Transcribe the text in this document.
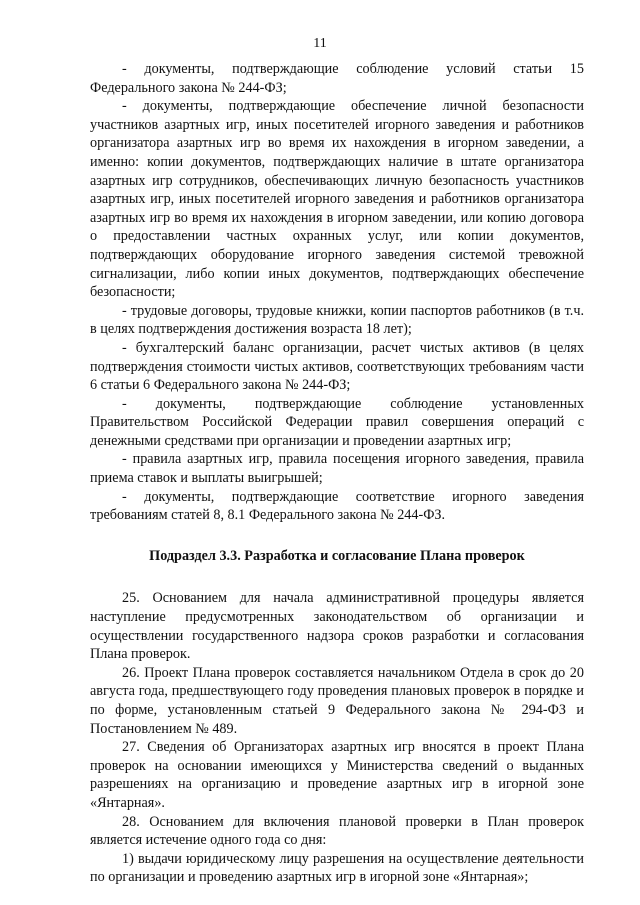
11

- документы, подтверждающие соблюдение условий статьи 15 Федерального закона № 244-ФЗ;

- документы, подтверждающие обеспечение личной безопасности участников азартных игр, иных посетителей игорного заведения и работников организатора азартных игр во время их нахождения в игорном заведении, а именно: копии документов, подтверждающих наличие в штате организатора азартных игр сотрудников, обеспечивающих личную безопасность участников азартных игр, иных посетителей игорного заведения и работников организатора азартных игр во время их нахождения в игорном заведении, или копию договора о предоставлении частных охранных услуг, или копии документов, подтверждающих оборудование игорного заведения системой тревожной сигнализации, либо копии иных документов, подтверждающих обеспечение безопасности;

- трудовые договоры, трудовые книжки, копии паспортов работников (в т.ч. в целях подтверждения достижения возраста 18 лет);

- бухгалтерский баланс организации, расчет чистых активов (в целях подтверждения стоимости чистых активов, соответствующих требованиям части 6 статьи 6 Федерального закона № 244-ФЗ;

- документы, подтверждающие соблюдение установленных Правительством Российской Федерации правил совершения операций с денежными средствами при организации и проведении азартных игр;

- правила азартных игр, правила посещения игорного заведения, правила приема ставок и выплаты выигрышей;

- документы, подтверждающие соответствие игорного заведения требованиям статей 8, 8.1 Федерального закона № 244-ФЗ.

Подраздел 3.3. Разработка и согласование Плана проверок

25. Основанием для начала административной процедуры является наступление предусмотренных законодательством об организации и осуществлении государственного надзора сроков разработки и согласования Плана проверок.

26. Проект Плана проверок составляется начальником Отдела в срок до 20 августа года, предшествующего году проведения плановых проверок в порядке и по форме, установленным статьей 9 Федерального закона № 294-ФЗ и Постановлением № 489.

27. Сведения об Организаторах азартных игр вносятся в проект Плана проверок на основании имеющихся у Министерства сведений о выданных разрешениях на организацию и проведение азартных игр в игорной зоне «Янтарная».

28. Основанием для включения плановой проверки в План проверок является истечение одного года со дня:

1) выдачи юридическому лицу разрешения на осуществление деятельности по организации и проведению азартных игр в игорной зоне «Янтарная»;
